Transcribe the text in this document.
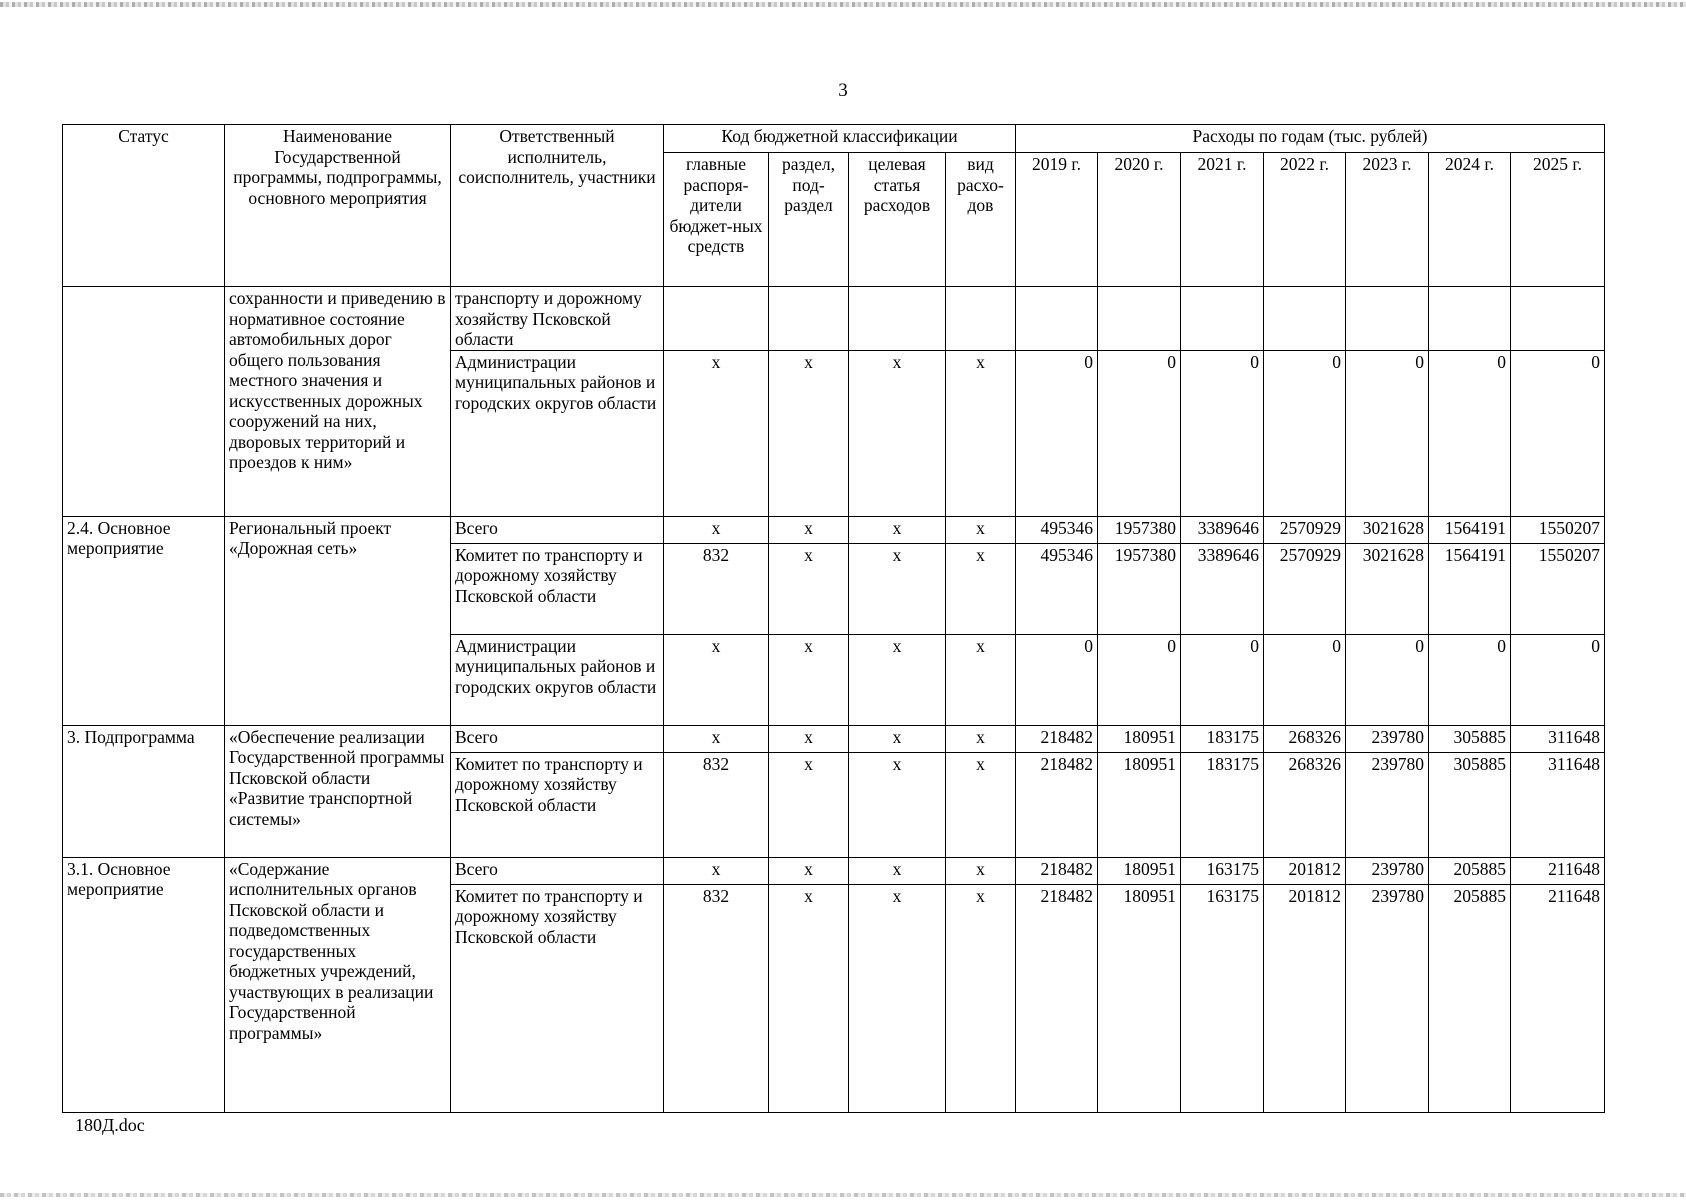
3
Статус	Наименование Государственной программы, подпрограммы, основного мероприятия	Ответственный исполнитель, соисполнитель, участники	Код бюджетной классификации				Расходы по годам (тыс. рублей)						
			главные распоря-дители бюджет-ных средств	раздел, под-раздел	целевая статья расходов	вид расхо-дов	2019 г.	2020 г.	2021 г.	2022 г.	2023 г.	2024 г.	2025 г.
	сохранности и приведению в нормативное состояние автомобильных дорог общего пользования местного значения и искусственных дорожных сооружений на них, дворовых территорий и проездов к ним»	транспорту и дорожному хозяйству Псковской области											
		Администрации муниципальных районов и городских округов области	x	x	x	x	0	0	0	0	0	0	0
2.4. Основное мероприятие	Региональный проект «Дорожная сеть»	Всего	x	x	x	x	495346	1957380	3389646	2570929	3021628	1564191	1550207
		Комитет по транспорту и дорожному хозяйству Псковской области	832	x	x	x	495346	1957380	3389646	2570929	3021628	1564191	1550207
		Администрации муниципальных районов и городских округов области	x	x	x	x	0	0	0	0	0	0	0
3. Подпрограмма	«Обеспечение реализации Государственной программы Псковской области «Развитие транспортной системы»	Всего	x	x	x	x	218482	180951	183175	268326	239780	305885	311648
		Комитет по транспорту и дорожному хозяйству Псковской области	832	x	x	x	218482	180951	183175	268326	239780	305885	311648
3.1. Основное мероприятие	«Содержание исполнительных органов Псковской области и подведомственных государственных бюджетных учреждений, участвующих в реализации Государственной программы»	Всего	x	x	x	x	218482	180951	163175	201812	239780	205885	211648
		Комитет по транспорту и дорожному хозяйству Псковской области	832	x	x	x	218482	180951	163175	201812	239780	205885	211648
180Д.doc
